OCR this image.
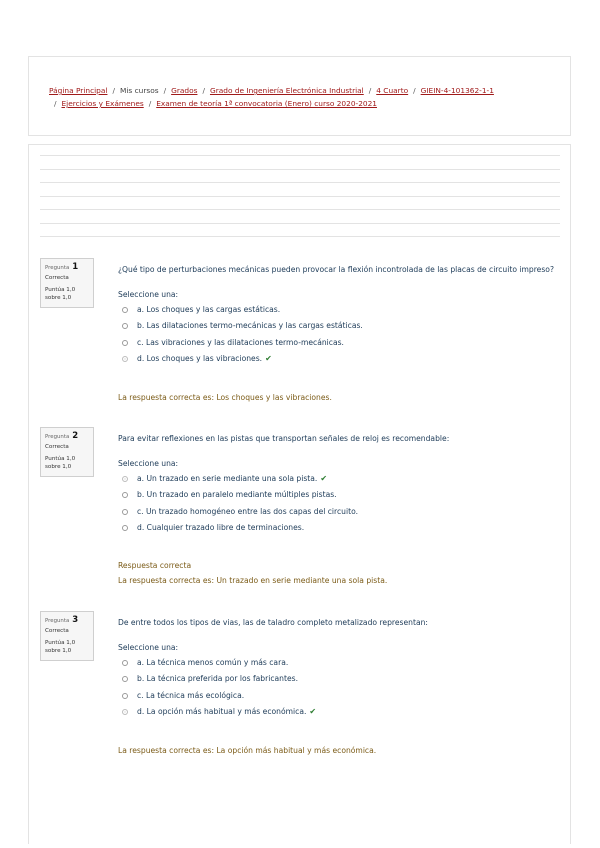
Página Principal / Mis cursos / Grados / Grado de Ingeniería Electrónica Industrial / 4 Cuarto / GIEIN-4-101362-1-1
/ Ejercicios y Exámenes / Examen de teoría 1ª convocatoria (Enero) curso 2020-2021
Pregunta 1
Correcta
Puntúa 1,0
sobre 1,0
¿Qué tipo de perturbaciones mecánicas pueden provocar la flexión incontrolada de las placas de circuito impreso?
Seleccione una:
a. Los choques y las cargas estáticas.
b. Las dilataciones termo-mecánicas y las cargas estáticas.
c. Las vibraciones y las dilataciones termo-mecánicas.
d. Los choques y las vibraciones. ✔
La respuesta correcta es: Los choques y las vibraciones.
Pregunta 2
Correcta
Puntúa 1,0
sobre 1,0
Para evitar reflexiones en las pistas que transportan señales de reloj es recomendable:
Seleccione una:
a. Un trazado en serie mediante una sola pista. ✔
b. Un trazado en paralelo mediante múltiples pistas.
c. Un trazado homogéneo entre las dos capas del circuito.
d. Cualquier trazado libre de terminaciones.
Respuesta correcta
La respuesta correcta es: Un trazado en serie mediante una sola pista.
Pregunta 3
Correcta
Puntúa 1,0
sobre 1,0
De entre todos los tipos de vias, las de taladro completo metalizado representan:
Seleccione una:
a. La técnica menos común y más cara.
b. La técnica preferida por los fabricantes.
c. La técnica más ecológica.
d. La opción más habitual y más económica. ✔
La respuesta correcta es: La opción más habitual y más económica.
